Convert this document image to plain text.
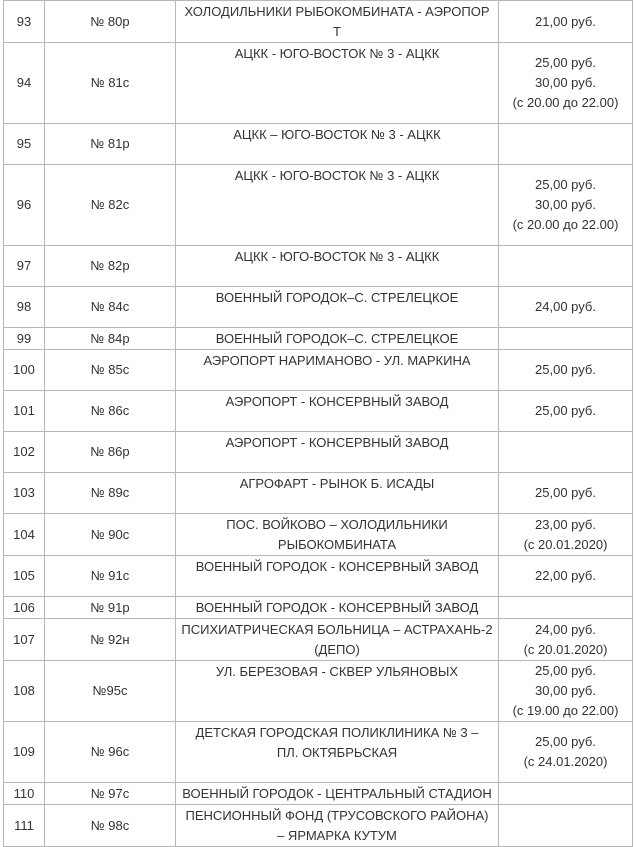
93	№ 80р	ХОЛОДИЛЬНИКИ РЫБОКОМБИНАТА - АЭРОПОР
Т	21,00 руб.

94	№ 81с	АЦКК - ЮГО-ВОСТОК № 3 - АЦКК	25,00 руб.
30,00 руб.
(с 20.00 до 22.00)

95	№ 81р	АЦКК – ЮГО-ВОСТОК № 3 - АЦКК	

96	№ 82с	АЦКК - ЮГО-ВОСТОК № 3 - АЦКК	25,00 руб.
30,00 руб.
(с 20.00 до 22.00)

97	№ 82р	АЦКК - ЮГО-ВОСТОК № 3 - АЦКК	

98	№ 84с	ВОЕННЫЙ ГОРОДОК–С. СТРЕЛЕЦКОЕ	24,00 руб.

99	№ 84р	ВОЕННЫЙ ГОРОДОК–С. СТРЕЛЕЦКОЕ	

100	№ 85с	АЭРОПОРТ НАРИМАНОВО - УЛ. МАРКИНА	25,00 руб.

101	№ 86с	АЭРОПОРТ - КОНСЕРВНЫЙ ЗАВОД	25,00 руб.

102	№ 86р	АЭРОПОРТ - КОНСЕРВНЫЙ ЗАВОД	

103	№ 89с	АГРОФАРТ - РЫНОК Б. ИСАДЫ	25,00 руб.

104	№ 90с	ПОС. ВОЙКОВО – ХОЛОДИЛЬНИКИ
РЫБОКОМБИНАТА	23,00 руб.
(с 20.01.2020)

105	№ 91с	ВОЕННЫЙ ГОРОДОК - КОНСЕРВНЫЙ ЗАВОД	22,00 руб.

106	№ 91р	ВОЕННЫЙ ГОРОДОК - КОНСЕРВНЫЙ ЗАВОД	

107	№ 92н	ПСИХИАТРИЧЕСКАЯ БОЛЬНИЦА – АСТРАХАНЬ-2
(ДЕПО)	24,00 руб.
(с 20.01.2020)

108	№95с	УЛ. БЕРЕЗОВАЯ - СКВЕР УЛЬЯНОВЫХ	25,00 руб.
30,00 руб.
(с 19.00 до 22.00)

109	№ 96с	ДЕТСКАЯ ГОРОДСКАЯ ПОЛИКЛИНИКА № 3 –
ПЛ. ОКТЯБРЬСКАЯ	25,00 руб.
(с 24.01.2020)

110	№ 97с	ВОЕННЫЙ ГОРОДОК - ЦЕНТРАЛЬНЫЙ СТАДИОН	

111	№ 98с	ПЕНСИОННЫЙ ФОНД (ТРУСОВСКОГО РАЙОНА)
– ЯРМАРКА КУТУМ	
